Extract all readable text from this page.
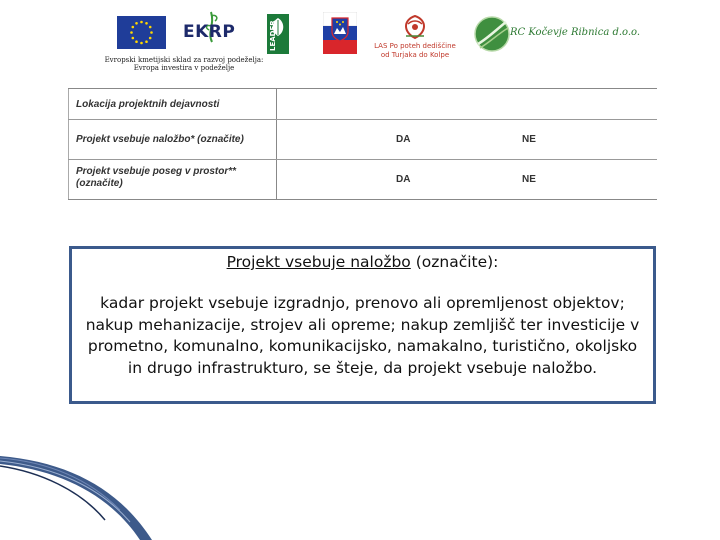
EKRP	LEADER	LAS Po poteh dediščine od Turjaka do Kolpe
RC Kočevje Ribnica d.o.o.
Evropski kmetijski sklad za razvoj podeželja:
Evropa investira v podeželje
Lokacija projektnih dejavnosti
Projekt vsebuje naložbo* (označite)	DA	NE
Projekt vsebuje poseg v prostor**
(označite)	DA	NE
Projekt vsebuje naložbo (označite):
kadar projekt vsebuje izgradnjo, prenovo ali opremljenost objektov; nakup mehanizacije, strojev ali opreme; nakup zemljišč ter investicije v prometno, komunalno, komunikacijsko, namakalno, turistično, okoljsko in drugo infrastrukturo, se šteje, da projekt vsebuje naložbo.
